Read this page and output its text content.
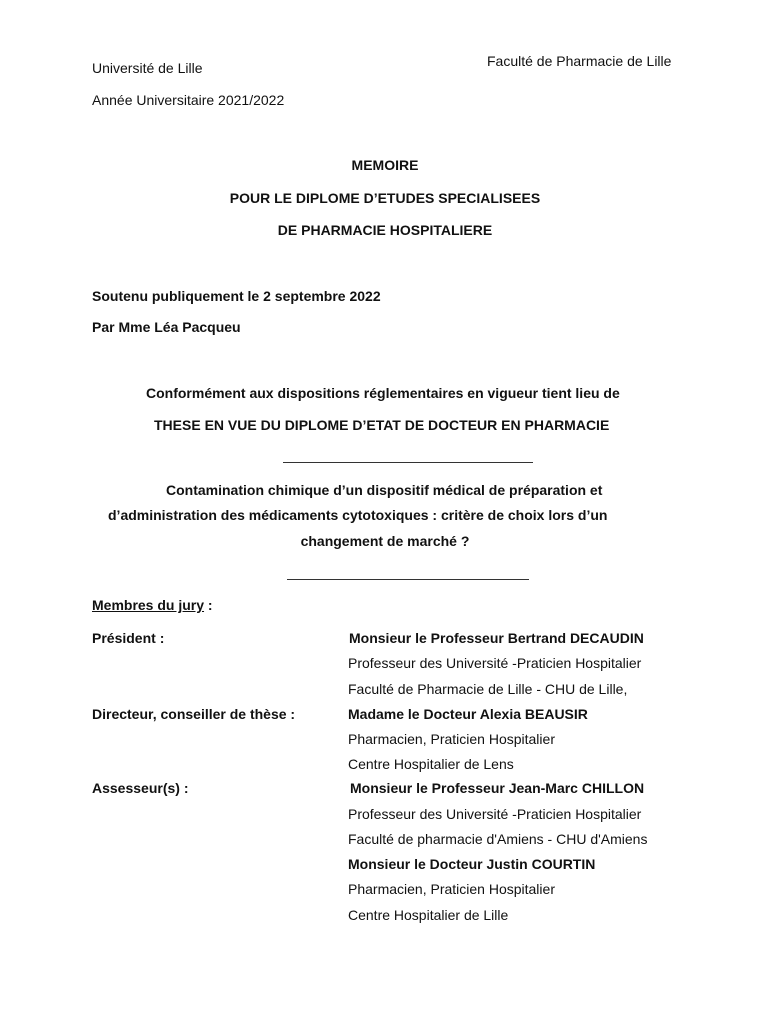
Université de Lille	Faculté de Pharmacie de Lille
Année Universitaire 2021/2022
MEMOIRE
POUR LE DIPLOME D’ETUDES SPECIALISEES
DE PHARMACIE HOSPITALIERE
Soutenu publiquement le 2 septembre 2022
Par Mme Léa Pacqueu
Conformément aux dispositions réglementaires en vigueur tient lieu de
THESE EN VUE DU DIPLOME D’ETAT DE DOCTEUR EN PHARMACIE
Contamination chimique d’un dispositif médical de préparation et
d’administration des médicaments cytotoxiques : critère de choix lors d’un
changement de marché ?
Membres du jury :
Président :	Monsieur le Professeur Bertrand DECAUDIN
Professeur des Université -Praticien Hospitalier
Faculté de Pharmacie de Lille - CHU de Lille,
Directeur, conseiller de thèse :	Madame le Docteur Alexia BEAUSIR
Pharmacien, Praticien Hospitalier
Centre Hospitalier de Lens
Assesseur(s) :	Monsieur le Professeur Jean-Marc CHILLON
Professeur des Université -Praticien Hospitalier
Faculté de pharmacie d'Amiens - CHU d'Amiens
Monsieur le Docteur Justin COURTIN
Pharmacien, Praticien Hospitalier
Centre Hospitalier de Lille
